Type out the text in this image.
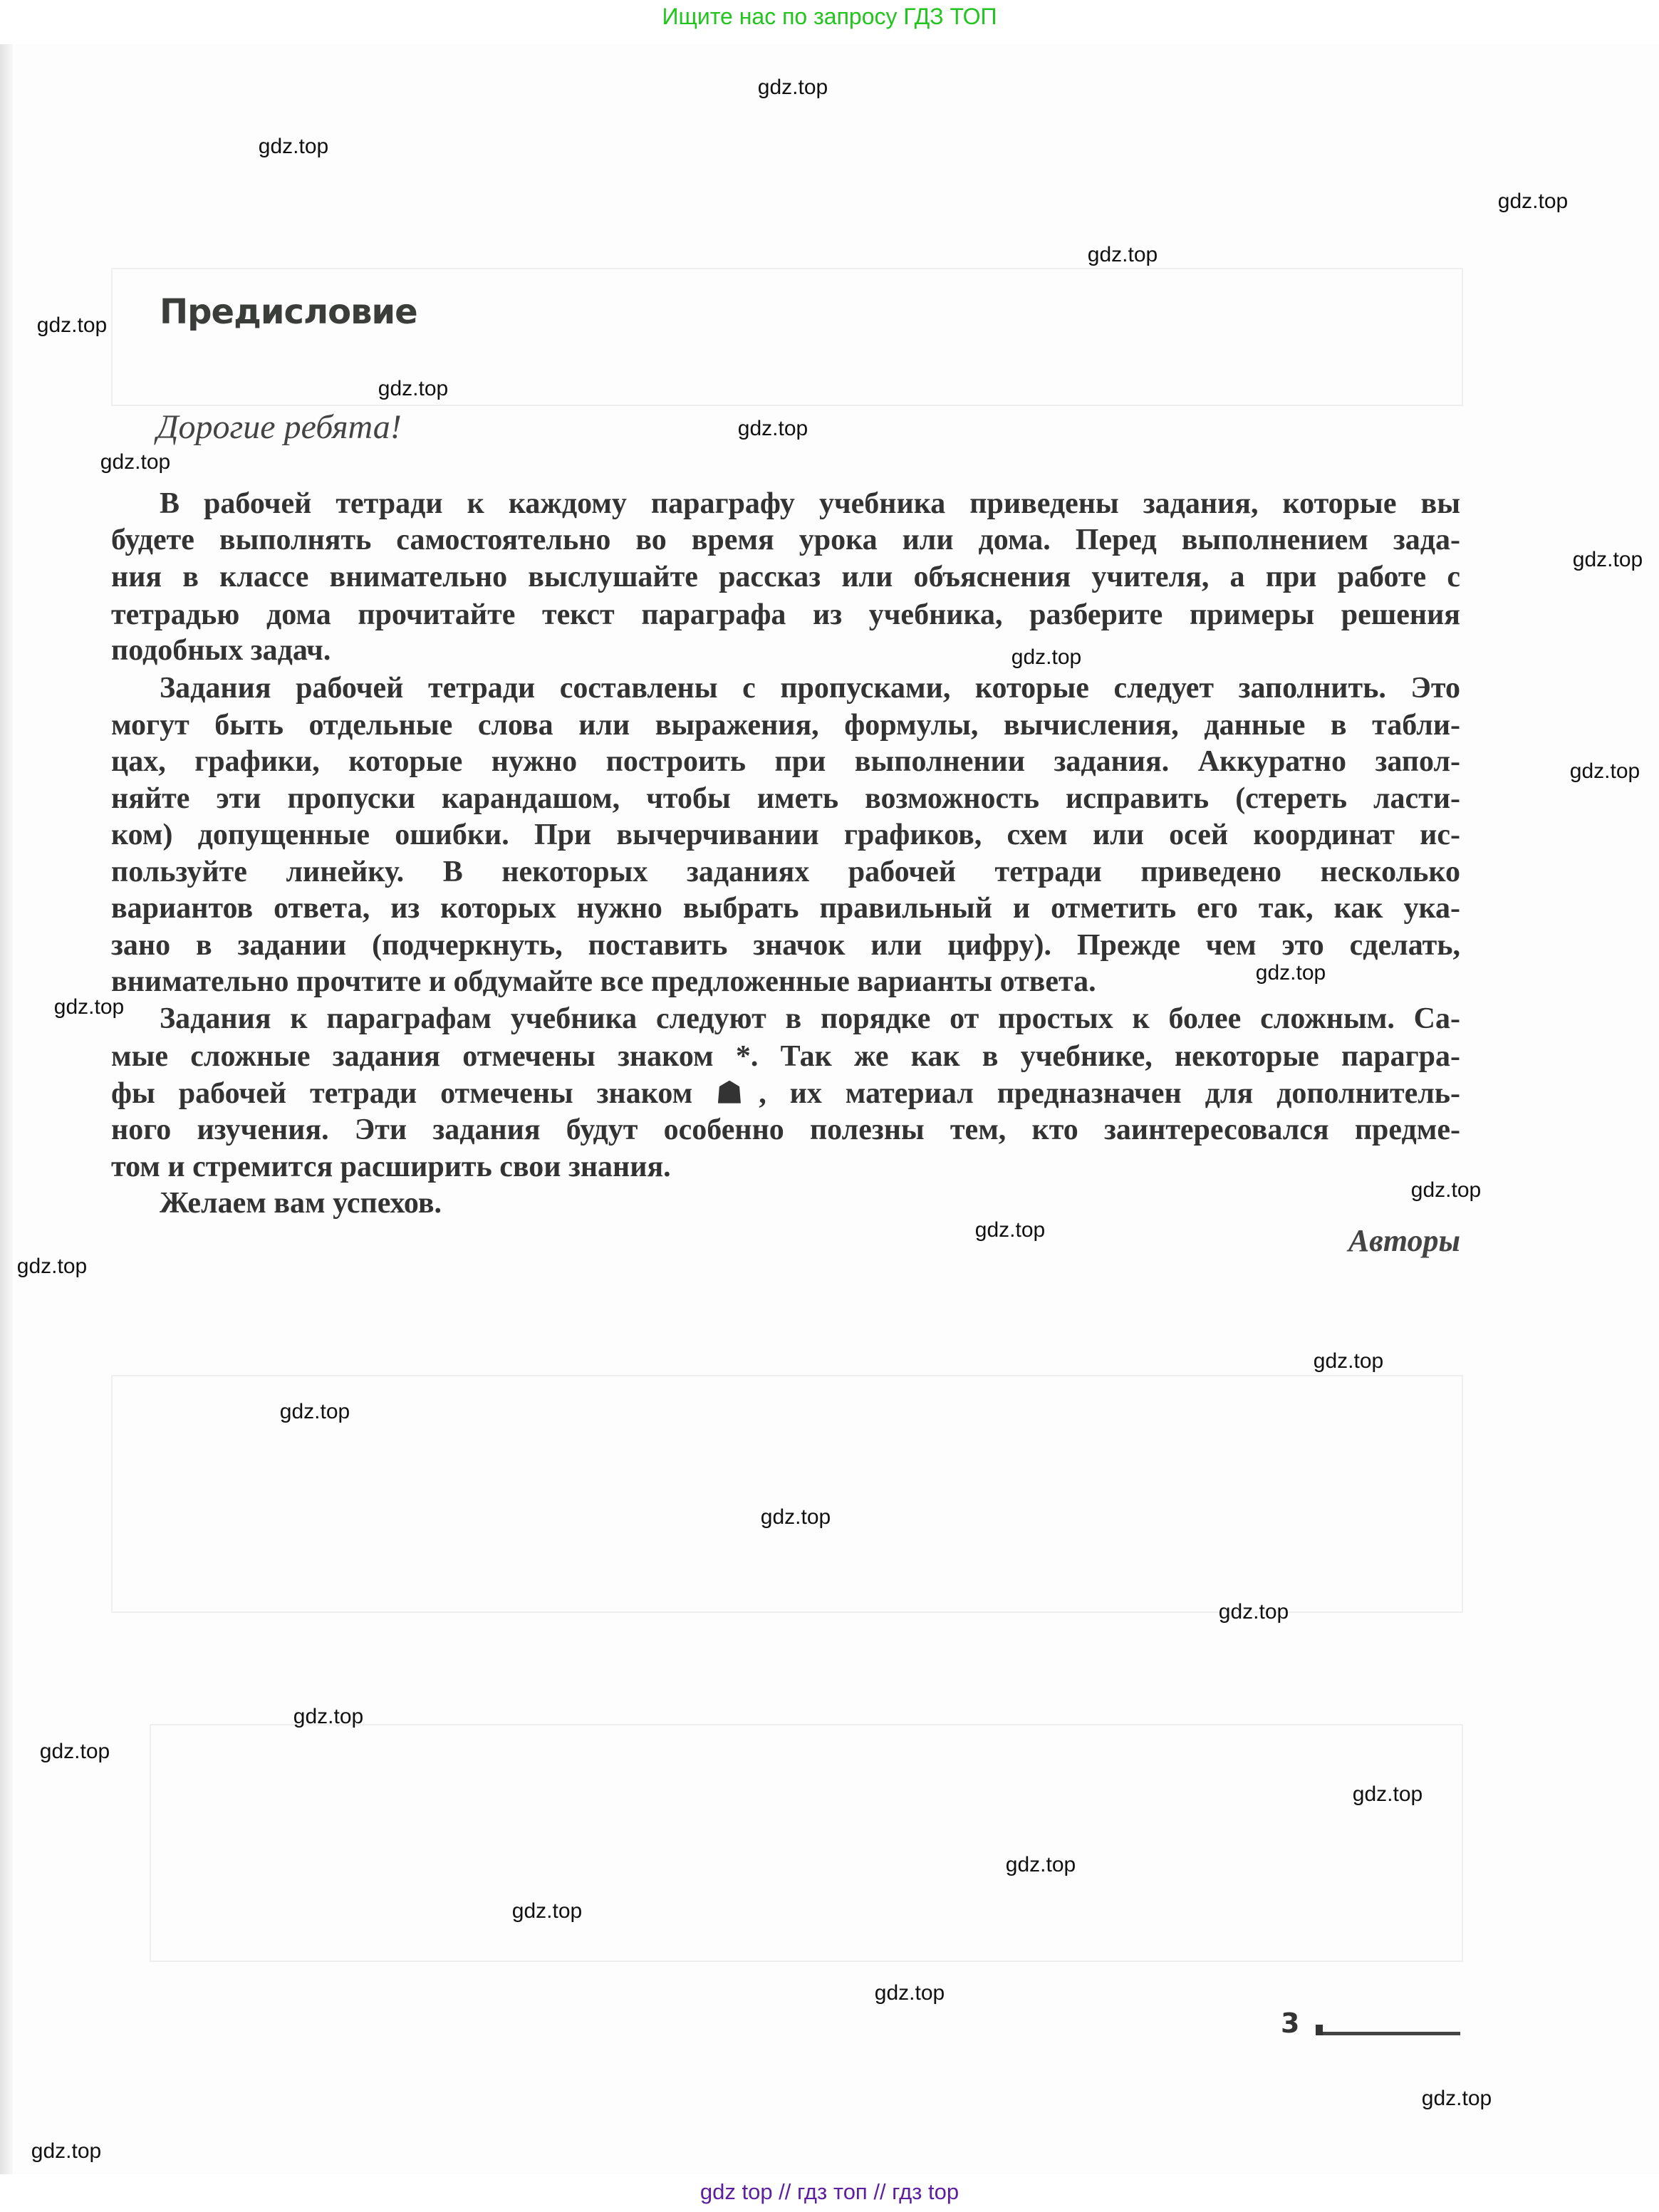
Ищите нас по запросу ГДЗ ТОП
Предисловие
Дорогие ребята!
В рабочей тетради к каждому параграфу учебника приведены задания, которые вы
будете выполнять самостоятельно во время урока или дома. Перед выполнением зада-
ния в классе внимательно выслушайте рассказ или объяснения учителя, а при работе с
тетрадью дома прочитайте текст параграфа из учебника, разберите примеры решения
подобных задач.
Задания рабочей тетради составлены с пропусками, которые следует заполнить. Это
могут быть отдельные слова или выражения, формулы, вычисления, данные в табли-
цах, графики, которые нужно построить при выполнении задания. Аккуратно запол-
няйте эти пропуски карандашом, чтобы иметь возможность исправить (стереть ласти-
ком) допущенные ошибки. При вычерчивании графиков, схем или осей координат ис-
пользуйте линейку. В некоторых заданиях рабочей тетради приведено несколько
вариантов ответа, из которых нужно выбрать правильный и отметить его так, как ука-
зано в задании (подчеркнуть, поставить значок или цифру). Прежде чем это сделать,
внимательно прочтите и обдумайте все предложенные варианты ответа.
Задания к параграфам учебника следуют в порядке от простых к более сложным. Са-
мые сложные задания отмечены знаком *. Так же как в учебнике, некоторые парагра-
фы рабочей тетради отмечены знаком ☗, их материал предназначен для дополнитель-
ного изучения. Эти задания будут особенно полезны тем, кто заинтересовался предме-
том и стремится расширить свои знания.
Желаем вам успехов.
Авторы
3
gdz.top
gdz.top
gdz.top
gdz.top
gdz.top
gdz.top
gdz.top
gdz.top
gdz.top
gdz.top
gdz.top
gdz.top
gdz.top
gdz.top
gdz.top
gdz.top
gdz.top
gdz.top
gdz.top
gdz.top
gdz.top
gdz.top
gdz.top
gdz.top
gdz.top
gdz.top
gdz.top
gdz.top
gdz top // гдз топ // гдз top
